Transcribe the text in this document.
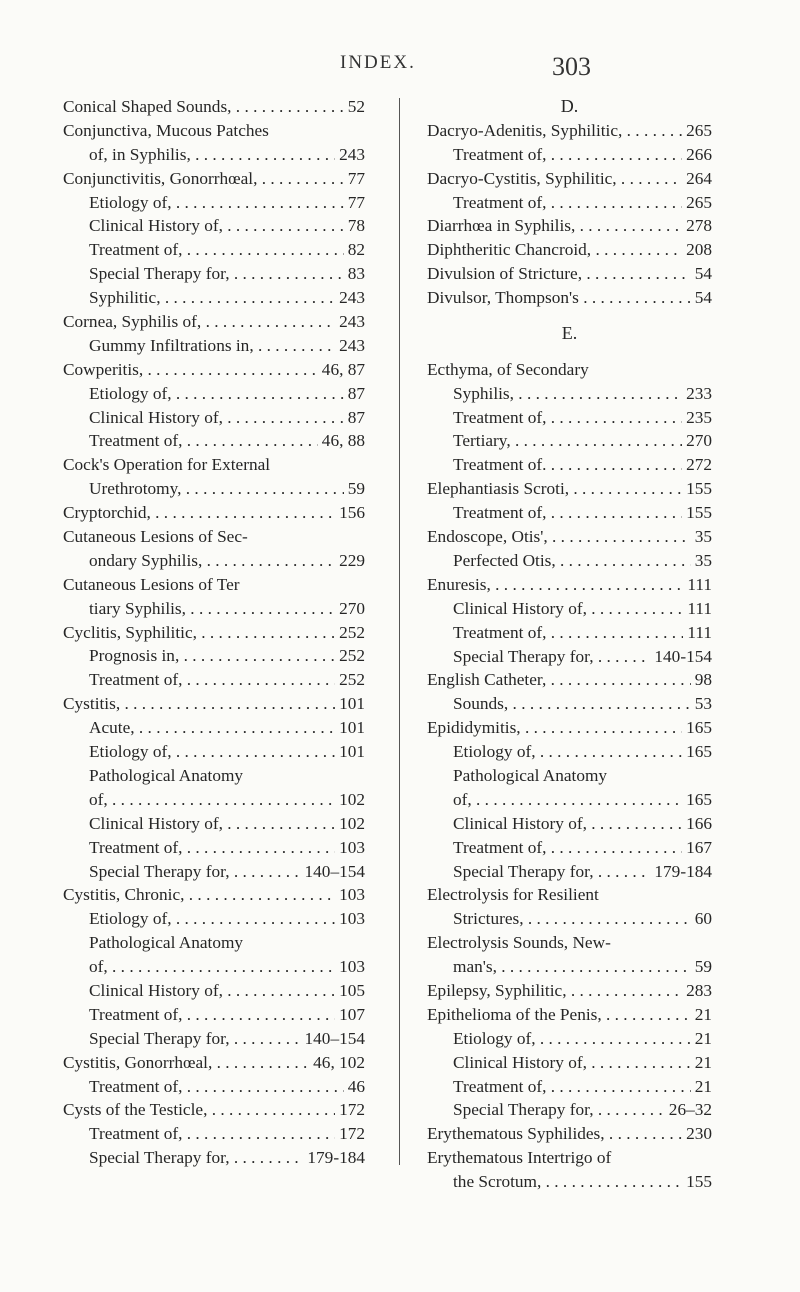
INDEX.	303
Conical Shaped Sounds, . . .	52
Conjunctiva, Mucous Patches
of, in Syphilis, . . .	243
Conjunctivitis, Gonorrhœal, . . .	77
Etiology of, . . .	77
Clinical History of, . . .	78
Treatment of, . . .	82
Special Therapy for, . . .	83
Syphilitic, . . .	243
Cornea, Syphilis of, . . .	243
Gummy Infiltrations in, . . .	243
Cowperitis, . . .	46, 87
Etiology of, . . .	87
Clinical History of, . . .	87
Treatment of, . . .	46, 88
Cock's Operation for External
Urethrotomy, . . .	59
Cryptorchid, . . .	156
Cutaneous Lesions of Sec-
ondary Syphilis, . . .	229
Cutaneous Lesions of Ter
tiary Syphilis, . . .	270
Cyclitis, Syphilitic, . . .	252
Prognosis in, . . .	252
Treatment of, . . .	252
Cystitis, . . .	101
Acute, . . .	101
Etiology of, . . .	101
Pathological Anatomy
of, . . .	102
Clinical History of, . . .	102
Treatment of, . . .	103
Special Therapy for, . . .	140–154
Cystitis, Chronic, . . .	103
Etiology of, . . .	103
Pathological Anatomy
of, . . .	103
Clinical History of, . . .	105
Treatment of, . . .	107
Special Therapy for, . . .	140–154
Cystitis, Gonorrhœal, . . .	46, 102
Treatment of, . . .	46
Cysts of the Testicle, . . .	172
Treatment of, . . .	172
Special Therapy for, . . .	179-184
D.
Dacryo-Adenitis, Syphilitic, . . .	265
Treatment of, . . .	266
Dacryo-Cystitis, Syphilitic, . . .	264
Treatment of, . . .	265
Diarrhœa in Syphilis, . . .	278
Diphtheritic Chancroid, . . .	208
Divulsion of Stricture, . . .	54
Divulsor, Thompson's . . .	54
E.
Ecthyma, of Secondary
Syphilis, . . .	233
Treatment of, . . .	235
Tertiary, . . .	270
Treatment of. . . .	272
Elephantiasis Scroti, . . .	155
Treatment of, . . .	155
Endoscope, Otis', . . .	35
Perfected Otis, . . .	35
Enuresis, . . .	111
Clinical History of, . . .	111
Treatment of, . . .	111
Special Therapy for, . . .	140-154
English Catheter, . . .	98
Sounds, . . .	53
Epididymitis, . . .	165
Etiology of, . . .	165
Pathological Anatomy
of, . . .	165
Clinical History of, . . .	166
Treatment of, . . .	167
Special Therapy for, . . .	179-184
Electrolysis for Resilient
Strictures, . . .	60
Electrolysis Sounds, New-
man's, . . .	59
Epilepsy, Syphilitic, . . .	283
Epithelioma of the Penis, . . .	21
Etiology of, . . .	21
Clinical History of, . . .	21
Treatment of, . . .	21
Special Therapy for, . . .	26–32
Erythematous Syphilides, . . .	230
Erythematous Intertrigo of
the Scrotum, . . .	155
